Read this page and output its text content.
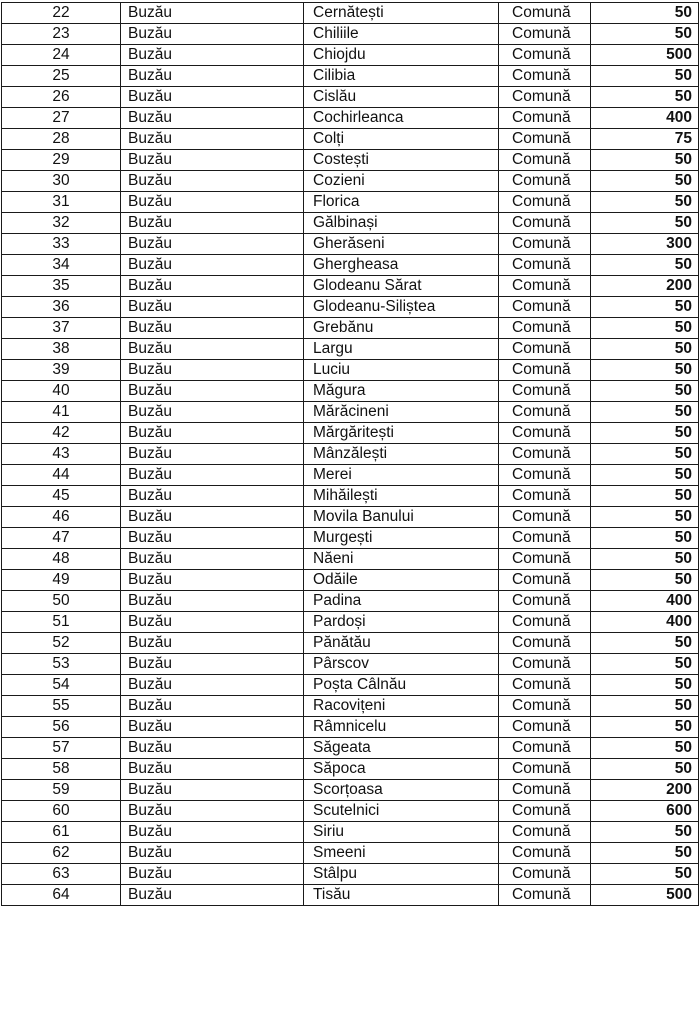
22	Buzău	Cernătești	Comună	50
23	Buzău	Chiliile	Comună	50
24	Buzău	Chiojdu	Comună	500
25	Buzău	Cilibia	Comună	50
26	Buzău	Cislău	Comună	50
27	Buzău	Cochirleanca	Comună	400
28	Buzău	Colți	Comună	75
29	Buzău	Costești	Comună	50
30	Buzău	Cozieni	Comună	50
31	Buzău	Florica	Comună	50
32	Buzău	Gălbinași	Comună	50
33	Buzău	Gherăseni	Comună	300
34	Buzău	Ghergheasa	Comună	50
35	Buzău	Glodeanu Sărat	Comună	200
36	Buzău	Glodeanu-Siliștea	Comună	50
37	Buzău	Grebănu	Comună	50
38	Buzău	Largu	Comună	50
39	Buzău	Luciu	Comună	50
40	Buzău	Măgura	Comună	50
41	Buzău	Mărăcineni	Comună	50
42	Buzău	Mărgăritești	Comună	50
43	Buzău	Mânzălești	Comună	50
44	Buzău	Merei	Comună	50
45	Buzău	Mihăilești	Comună	50
46	Buzău	Movila Banului	Comună	50
47	Buzău	Murgești	Comună	50
48	Buzău	Năeni	Comună	50
49	Buzău	Odăile	Comună	50
50	Buzău	Padina	Comună	400
51	Buzău	Pardoși	Comună	400
52	Buzău	Pănătău	Comună	50
53	Buzău	Pârscov	Comună	50
54	Buzău	Poșta Câlnău	Comună	50
55	Buzău	Racovițeni	Comună	50
56	Buzău	Râmnicelu	Comună	50
57	Buzău	Săgeata	Comună	50
58	Buzău	Săpoca	Comună	50
59	Buzău	Scorțoasa	Comună	200
60	Buzău	Scutelnici	Comună	600
61	Buzău	Siriu	Comună	50
62	Buzău	Smeeni	Comună	50
63	Buzău	Stâlpu	Comună	50
64	Buzău	Tisău	Comună	500
